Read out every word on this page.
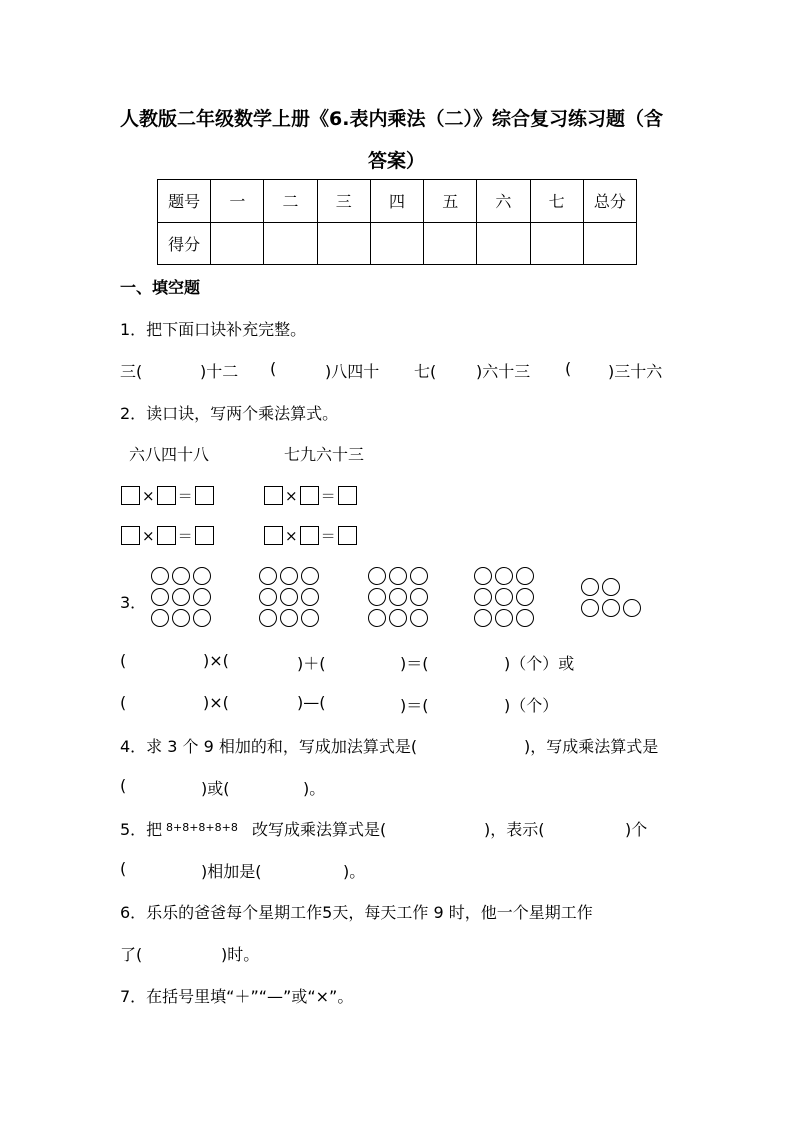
人教版二年级数学上册《6.表内乘法（二）》综合复习练习题（含
答案）
题号	一	二	三	四	五	六	七	总分
得分								
一、填空题
1．把下面口诀补充完整。
三(	)十二 (	)八四十 七( )六十三 ( )三十六
2．读口诀，写两个乘法算式。
六八四十八	七九六十三
× ＝	× ＝
× ＝	× ＝
3．
(	)×(	)＋(	)＝(	)（个）或
(	)×(	)—(	)＝(	)（个）
4．求 3 个 9 相加的和，写成加法算式是(	)，写成乘法算式是
(	)或(	)。
5．把 8+8+8+8+8 改写成乘法算式是(	)，表示(	)个
(	)相加是(	)。
6．乐乐的爸爸每个星期工作5天，每天工作 9 时，他一个星期工作
了(	)时。
7．在括号里填“＋”“—”或“×”。
